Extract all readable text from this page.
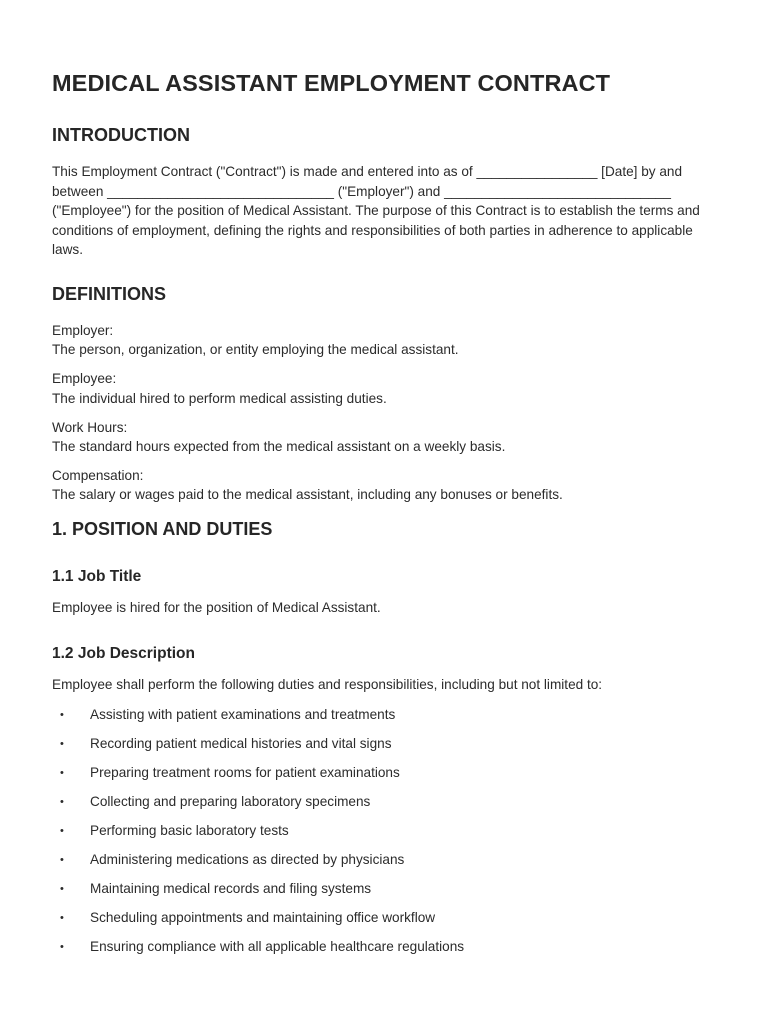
MEDICAL ASSISTANT EMPLOYMENT CONTRACT
INTRODUCTION

This Employment Contract ("Contract") is made and entered into as of ________________ [Date] by and between ______________________________ ("Employer") and ______________________________ ("Employee") for the position of Medical Assistant. The purpose of this Contract is to establish the terms and conditions of employment, defining the rights and responsibilities of both parties in adherence to applicable laws.

DEFINITIONS

Employer:

The person, organization, or entity employing the medical assistant.

Employee:

The individual hired to perform medical assisting duties.

Work Hours:

The standard hours expected from the medical assistant on a weekly basis.

Compensation:

The salary or wages paid to the medical assistant, including any bonuses or benefits.

1. POSITION AND DUTIES
1.1 Job Title

Employee is hired for the position of Medical Assistant.

1.2 Job Description

Employee shall perform the following duties and responsibilities, including but not limited to:

• Assisting with patient examinations and treatments
• Recording patient medical histories and vital signs
• Preparing treatment rooms for patient examinations
• Collecting and preparing laboratory specimens
• Performing basic laboratory tests
• Administering medications as directed by physicians
• Maintaining medical records and filing systems
• Scheduling appointments and maintaining office workflow
• Ensuring compliance with all applicable healthcare regulations
